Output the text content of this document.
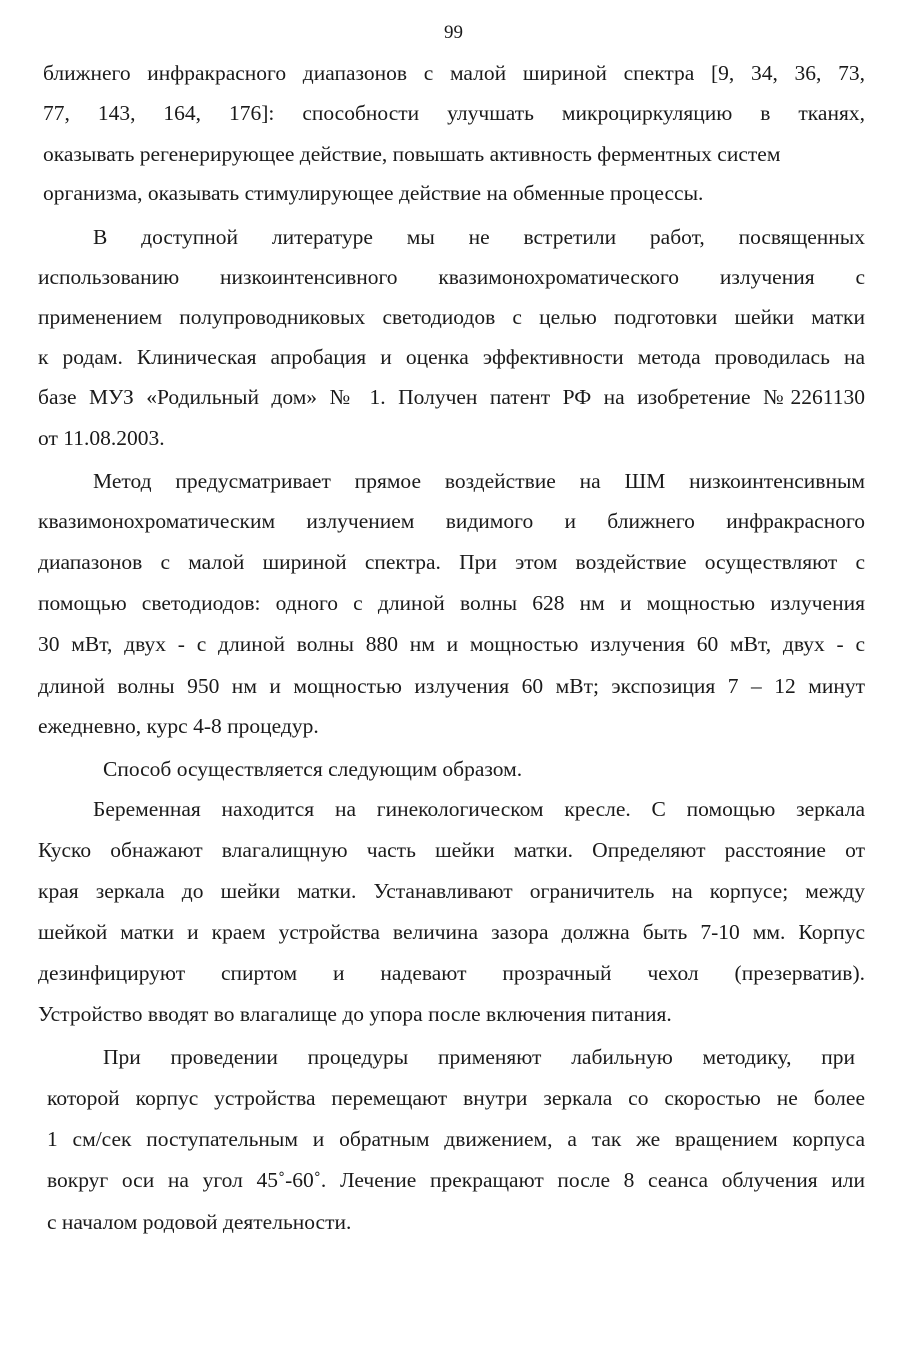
99
ближнего инфракрасного диапазонов с малой шириной спектра [9, 34, 36, 73,
77, 143, 164, 176]: способности улучшать микроциркуляцию в тканях,
оказывать регенерирующее действие, повышать активность ферментных систем
организма, оказывать стимулирующее действие на обменные процессы.
В доступной литературе мы не встретили работ, посвященных
использованию низкоинтенсивного квазимонохроматического излучения с
применением полупроводниковых светодиодов с целью подготовки шейки матки
к родам. Клиническая апробация и оценка эффективности метода проводилась на
базе МУЗ «Родильный дом» № 1. Получен патент РФ на изобретение №2261130
от 11.08.2003.
Метод предусматривает прямое воздействие на ШМ низкоинтенсивным
квазимонохроматическим излучением видимого и ближнего инфракрасного
диапазонов с малой шириной спектра. При этом воздействие осуществляют с
помощью светодиодов: одного с длиной волны 628 нм и мощностью излучения
30 мВт, двух - с длиной волны 880 нм и мощностью излучения 60 мВт, двух - с
длиной волны 950 нм и мощностью излучения 60 мВт; экспозиция 7 – 12 минут
ежедневно, курс 4-8 процедур.
Способ осуществляется следующим образом.
Беременная находится на гинекологическом кресле. С помощью зеркала
Куско обнажают влагалищную часть шейки матки. Определяют расстояние от
края зеркала до шейки матки. Устанавливают ограничитель на корпусе; между
шейкой матки и краем устройства величина зазора должна быть 7-10 мм. Корпус
дезинфицируют спиртом и надевают прозрачный чехол (презерватив).
Устройство вводят во влагалище до упора после включения питания.
При проведении процедуры применяют лабильную методику, при
которой корпус устройства перемещают внутри зеркала со скоростью не более
1 см/сек поступательным и обратным движением, а так же вращением корпуса
вокруг оси на угол 45˚-60˚. Лечение прекращают после 8 сеанса облучения или
с началом родовой деятельности.
